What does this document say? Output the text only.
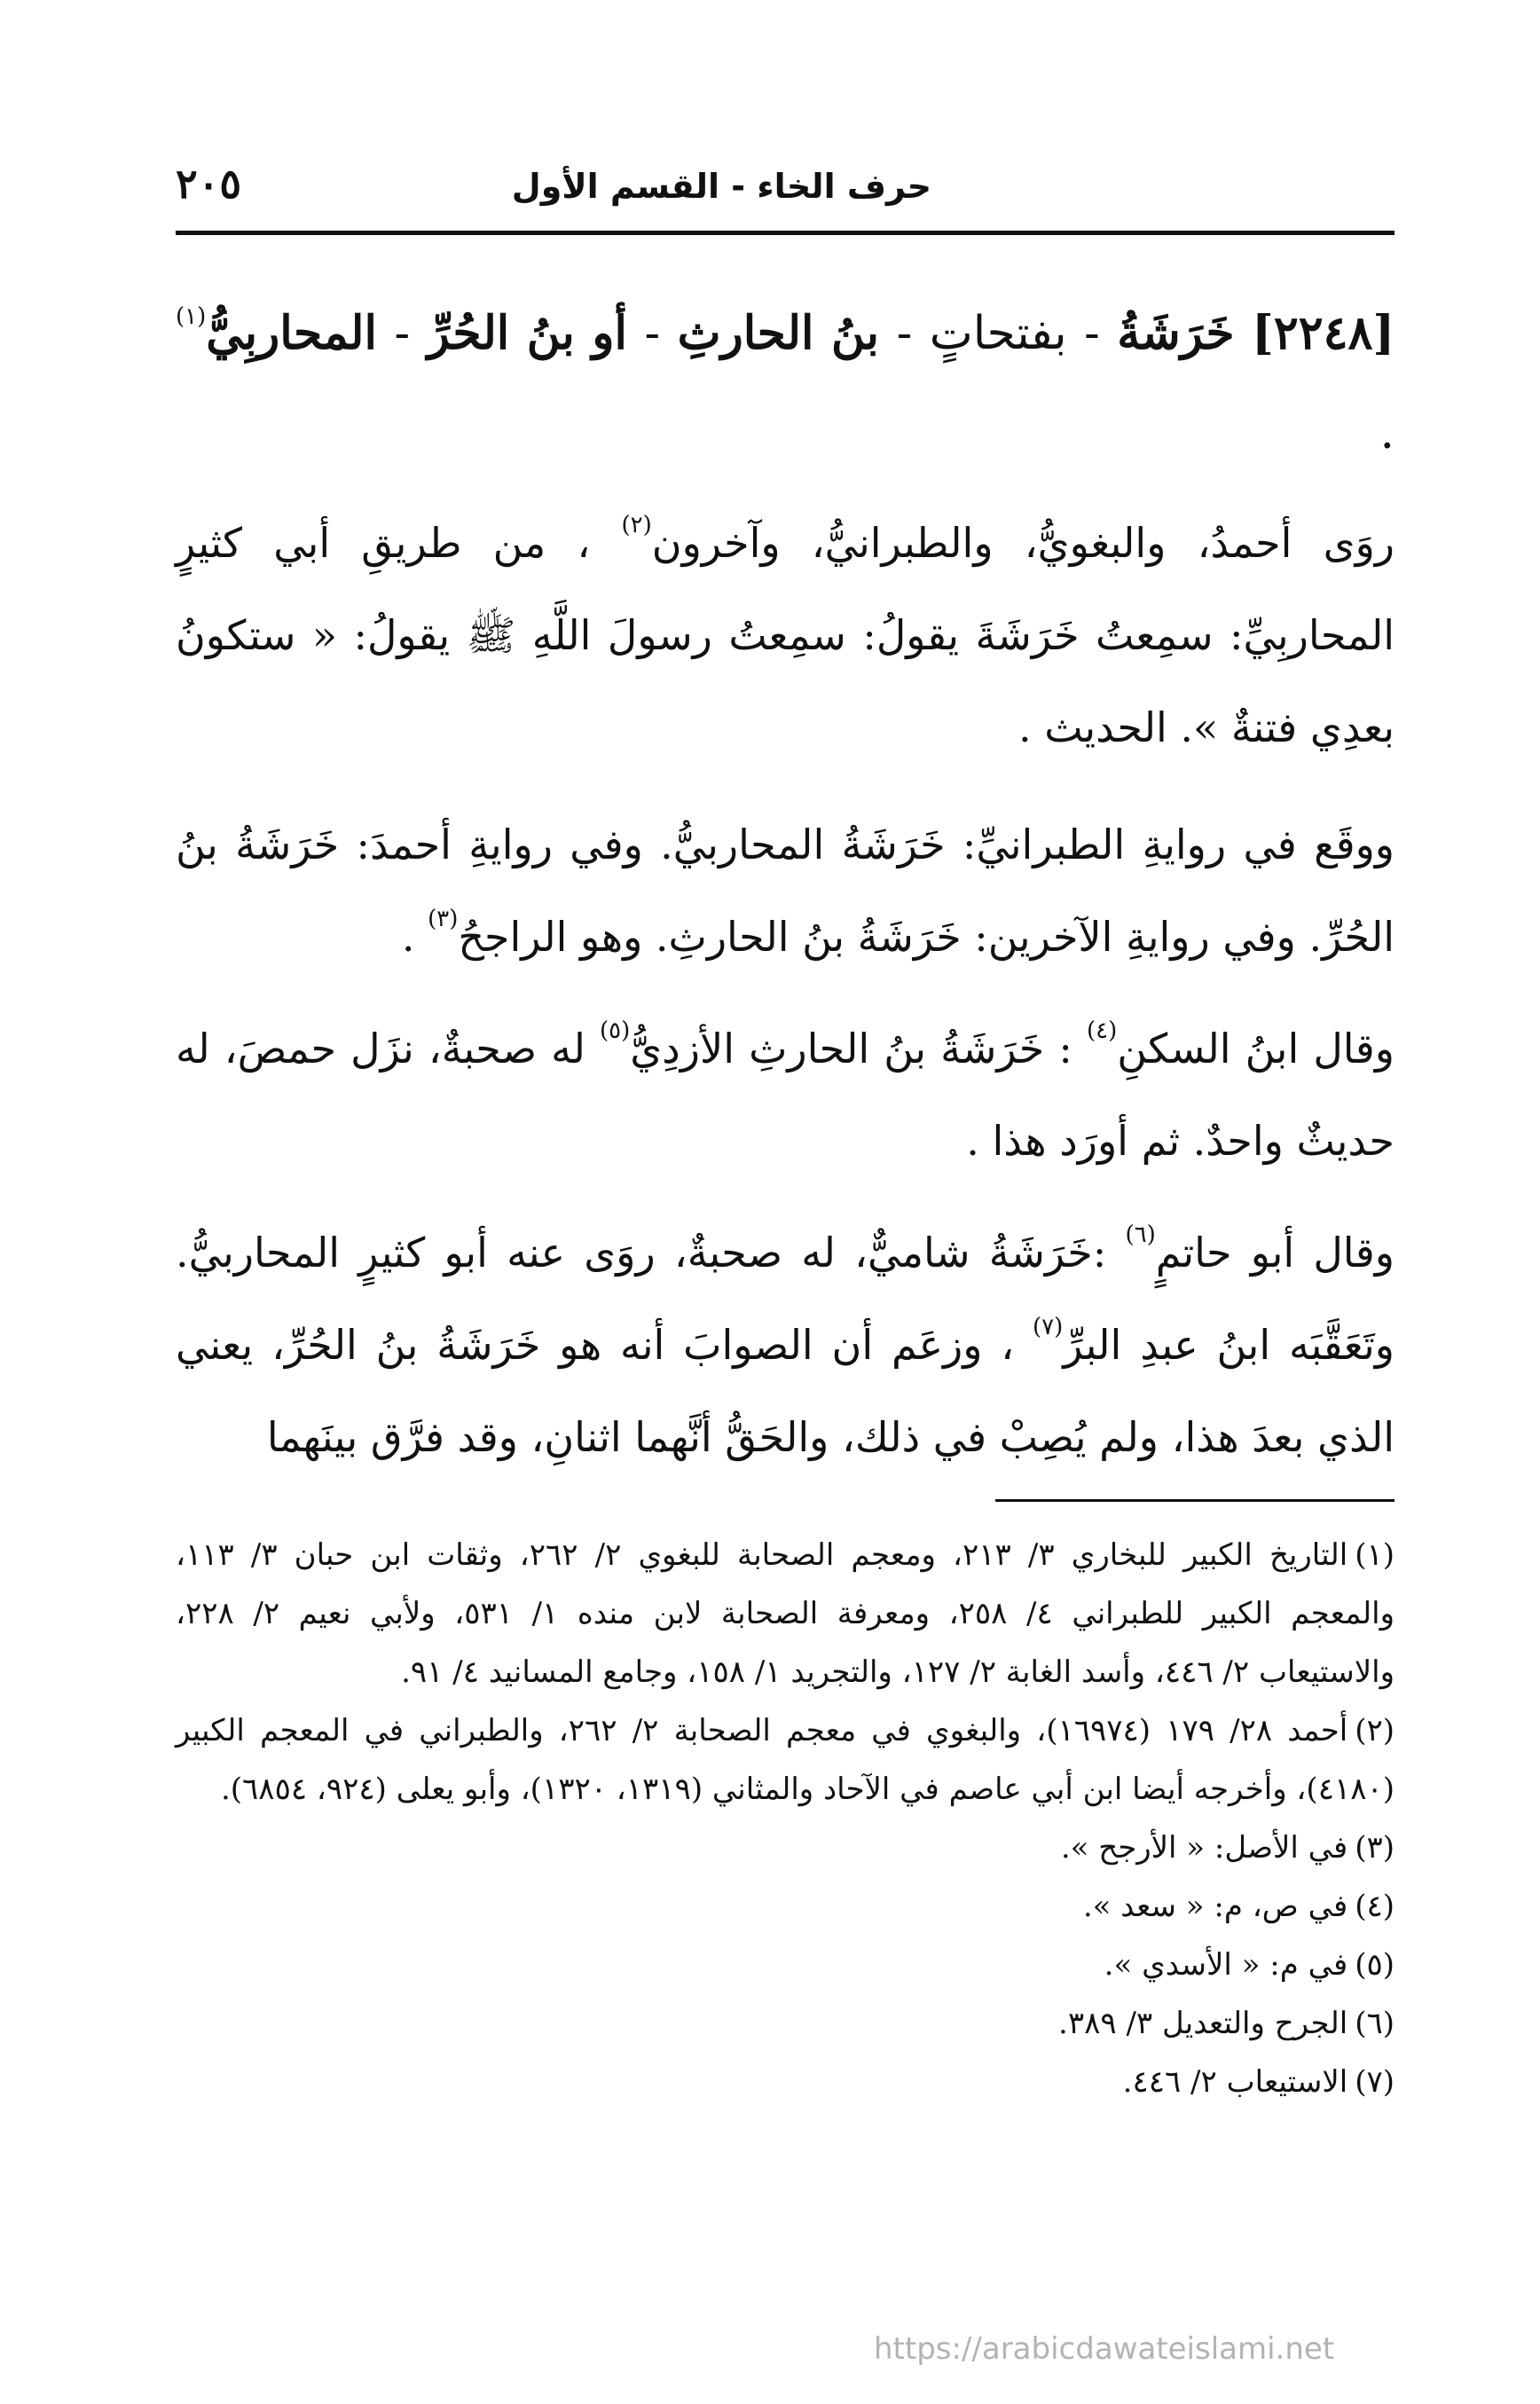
حرف الخاء - القسم الأول
٢٠٥
[٢٢٤٨] خَرَشَةُ - بفتحاتٍ - بنُ الحارثِ - أو بنُ الحُرِّ - المحاربِيُّ$^{(١)}$ .

روَى أحمدُ، والبغويُّ، والطبرانيُّ، وآخرون$^{(٢)}$ ، من طريقِ أبي كثيرٍ المحاربِيِّ: سمِعتُ خَرَشَةَ يقولُ: سمِعتُ رسولَ اللَّهِ ﷺ يقولُ: « ستكونُ بعدِي فتنةٌ ». الحديث .

ووقَع في روايةِ الطبرانيِّ: خَرَشَةُ المحاربيُّ. وفي روايةِ أحمدَ: خَرَشَةُ بنُ الحُرِّ. وفي روايةِ الآخرين: خَرَشَةُ بنُ الحارثِ. وهو الراجحُ$^{(٣)}$ .

وقال ابنُ السكنِ$^{(٤)}$ : خَرَشَةُ بنُ الحارثِ الأزدِيُّ$^{(٥)}$ له صحبةٌ، نزَل حمصَ، له حديثٌ واحدٌ. ثم أورَد هذا .

وقال أبو حاتمٍ$^{(٦)}$ :خَرَشَةُ شاميٌّ، له صحبةٌ، روَى عنه أبو كثيرٍ المحاربيُّ. وتَعَقَّبَه ابنُ عبدِ البرِّ$^{(٧)}$ ، وزعَم أن الصوابَ أنه هو خَرَشَةُ بنُ الحُرِّ، يعني الذي بعدَ هذا، ولم يُصِبْ في ذلك، والحَقُّ أنَّهما اثنانِ، وقد فرَّق بينَهما

(١)التاريخ الكبير للبخاري ٣/ ٢١٣، ومعجم الصحابة للبغوي ٢/ ٢٦٢، وثقات ابن حبان ٣/ ١١٣، والمعجم الكبير للطبراني ٤/ ٢٥٨، ومعرفة الصحابة لابن منده ١/ ٥٣١، ولأبي نعيم ٢/ ٢٢٨، والاستيعاب ٢/ ٤٤٦، وأسد الغابة ٢/ ١٢٧، والتجريد ١/ ١٥٨، وجامع المسانيد ٤/ ٩١.

(٢)أحمد ٢٨/ ١٧٩ (١٦٩٧٤)، والبغوي في معجم الصحابة ٢/ ٢٦٢، والطبراني في المعجم الكبير (٤١٨٠)، وأخرجه أيضا ابن أبي عاصم في الآحاد والمثاني (١٣١٩، ١٣٢٠)، وأبو يعلى (٩٢٤، ٦٨٥٤).

(٣)في الأصل: « الأرجح ».

(٤)في ص، م: « سعد ».

(٥)في م: « الأسدي ».

(٦)الجرح والتعديل ٣/ ٣٨٩.

(٧)الاستيعاب ٢/ ٤٤٦.

https://arabicdawateislami.net
